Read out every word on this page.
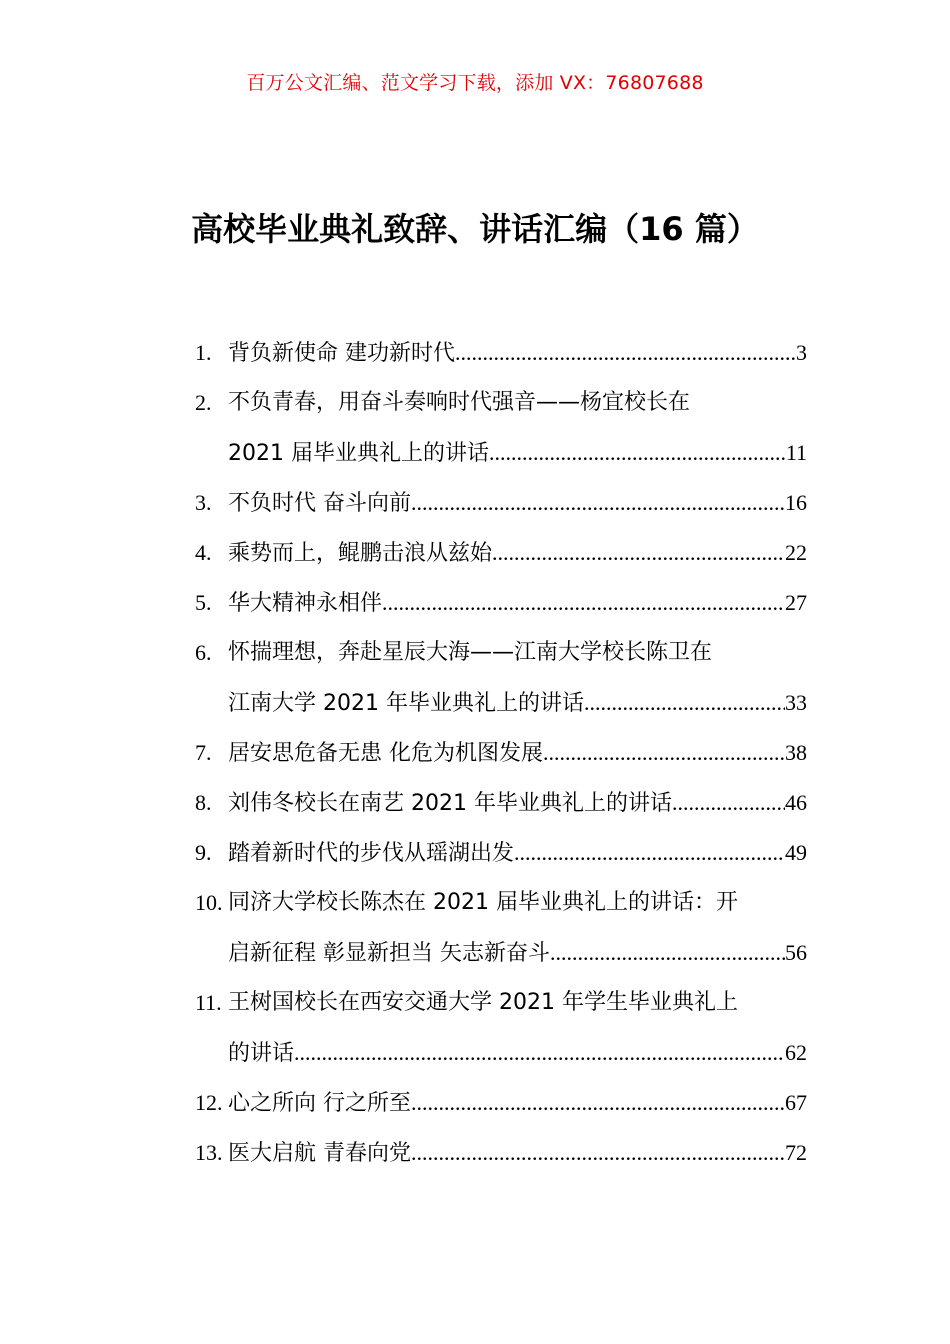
百万公文汇编、范文学习下载，添加 VX：76807688
高校毕业典礼致辞、讲话汇编（16 篇）
1. 背负新使命 建功新时代 .....	3
2. 不负青春，用奋斗奏响时代强音——杨宜校长在
2021 届毕业典礼上的讲话 .....	11
3. 不负时代 奋斗向前 .....	16
4. 乘势而上，鲲鹏击浪从兹始 .....	22
5. 华大精神永相伴 .....	27
6. 怀揣理想，奔赴星辰大海——江南大学校长陈卫在
江南大学 2021 年毕业典礼上的讲话 .....	33
7. 居安思危备无患 化危为机图发展 .....	38
8. 刘伟冬校长在南艺 2021 年毕业典礼上的讲话 .....	46
9. 踏着新时代的步伐从瑶湖出发 .....	49
10. 同济大学校长陈杰在 2021 届毕业典礼上的讲话：开
启新征程 彰显新担当 矢志新奋斗 .....	56
11. 王树国校长在西安交通大学 2021 年学生毕业典礼上
的讲话 .....	62
12. 心之所向 行之所至 .....	67
13. 医大启航 青春向党 .....	72
